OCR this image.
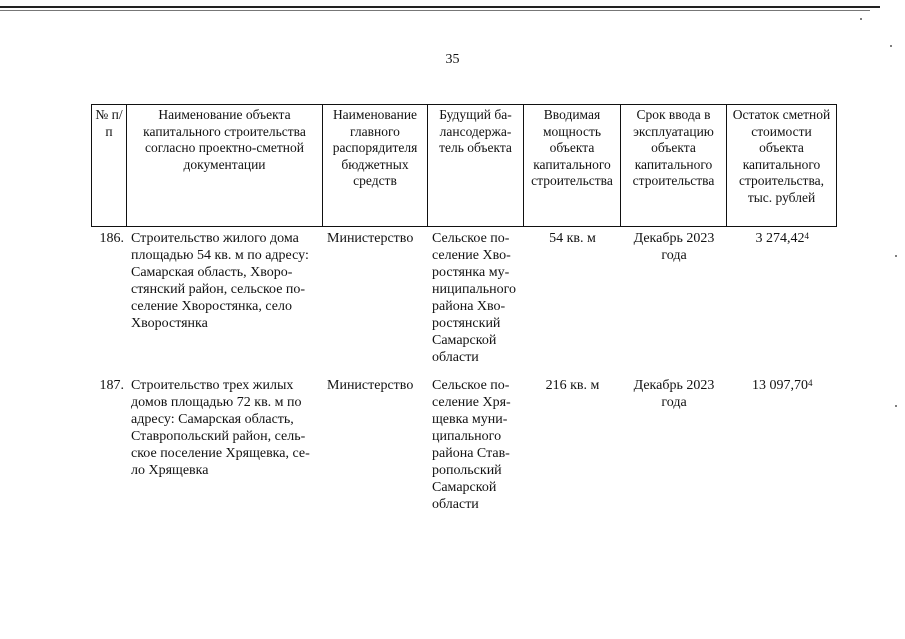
35
№ п/п	Наименование объекта капитального строительства согласно проектно-сметной документации	Наименование главного распорядителя бюджетных средств	Будущий ба-лансодержа-тель объекта	Вводимая мощность объекта капитального строительства	Срок ввода в эксплуатацию объекта капитального строительства	Остаток сметной стоимости объекта капитального строительства, тыс. рублей
186.	Строительство жилого дома площадью 54 кв. м по адресу: Самарская область, Хворо-стянский район, сельское по-селение Хворостянка, село Хворостянка	Министерство	Сельское по-селение Хво-ростянка му-ниципального района Хво-ростянский Самарской области	54 кв. м	Декабрь 2023 года	3 274,42$^4$
187.	Строительство трех жилых домов площадью 72 кв. м по адресу: Самарская область, Ставропольский район, сель-ское поселение Хрящевка, се-ло Хрящевка	Министерство	Сельское по-селение Хря-щевка муни-ципального района Став-ропольский Самарской области	216 кв. м	Декабрь 2023 года	13 097,70$^4$
